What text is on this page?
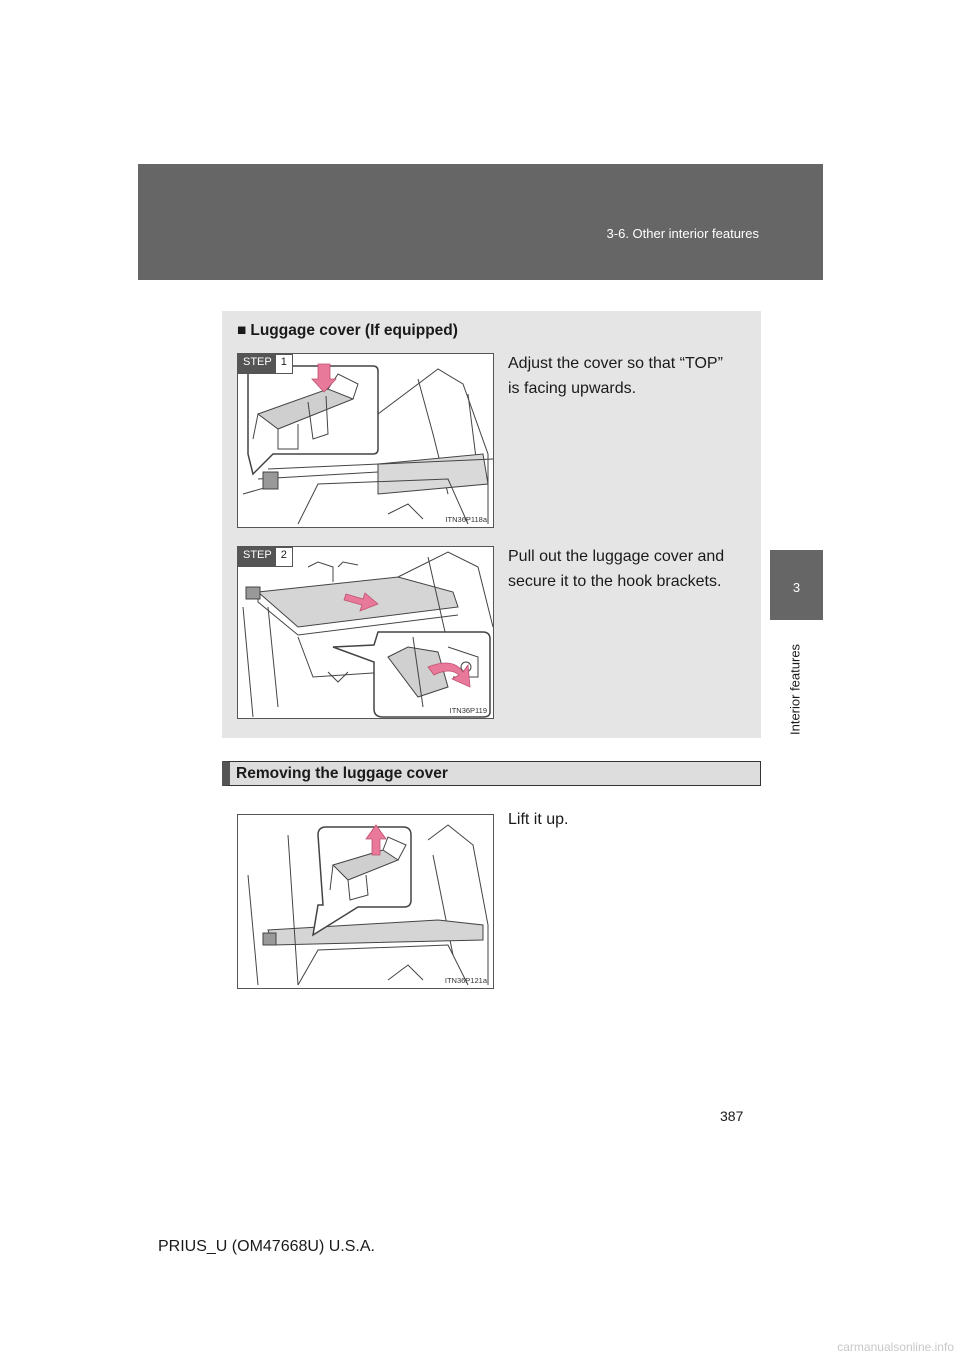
3-6. Other interior features
3
Interior features
■ Luggage cover (If equipped)
STEP 1
ITN36P118a
Adjust the cover so that “TOP”
is facing upwards.
STEP 2
ITN36P119
Pull out the luggage cover and
secure it to the hook brackets.
Removing the luggage cover
ITN36P121a
Lift it up.
387
PRIUS_U (OM47668U) U.S.A.
carmanualsonline.info
